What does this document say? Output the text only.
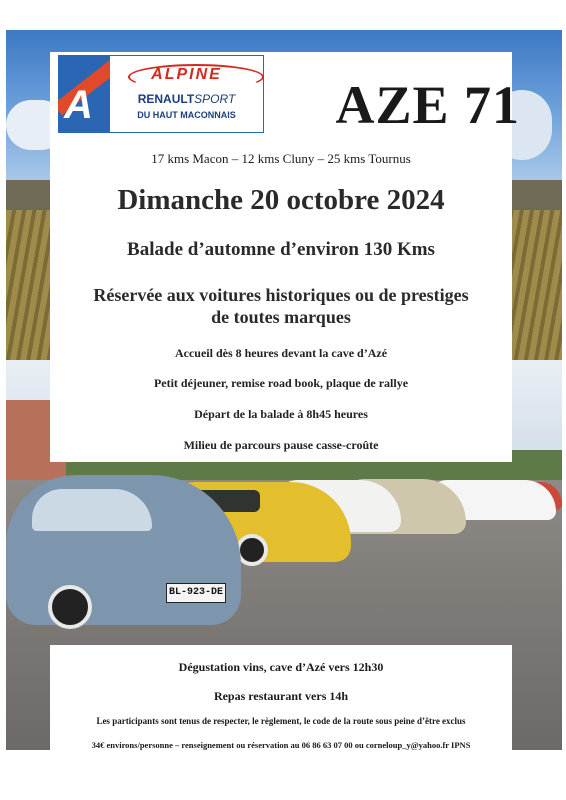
BL-923-DE
A
ALPINE
RENAULTSPORT
DU HAUT MACONNAIS	AZE 71
17 kms Macon – 12 kms Cluny – 25 kms Tournus
Dimanche 20 octobre 2024
Balade d’automne d’environ 130 Kms
Réservée aux voitures historiques ou de prestiges
de toutes marques
Accueil dès 8 heures devant la cave d’Azé
Petit déjeuner, remise road book, plaque de rallye
Départ de la balade à 8h45 heures
Milieu de parcours pause casse-croûte
Dégustation vins, cave d’Azé vers 12h30
Repas restaurant vers 14h
Les participants sont tenus de respecter, le règlement, le code de la route sous peine d’être exclus
34€ environs/personne – renseignement ou réservation au 06 86 63 07 00 ou corneloup_y@yahoo.fr IPNS
